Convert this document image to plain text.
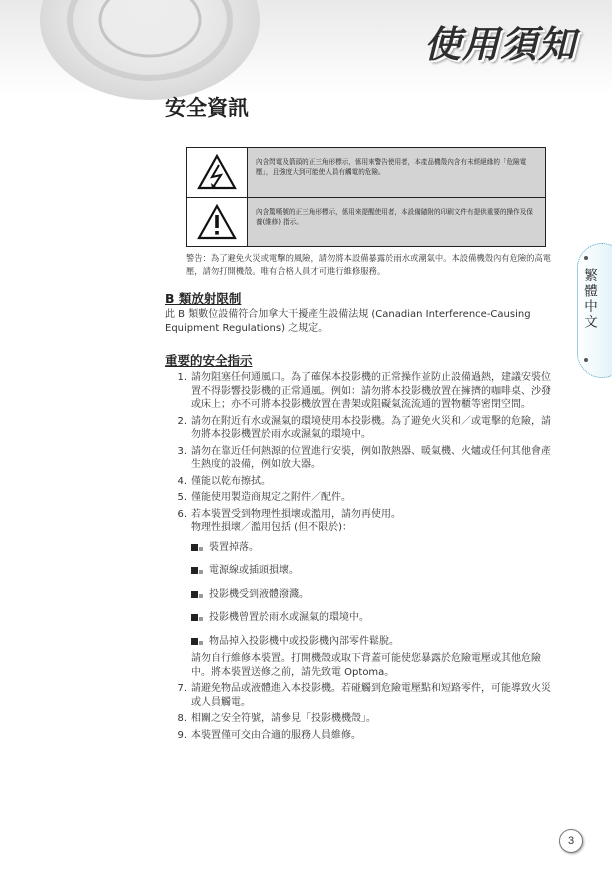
使用須知
安全資訊
內含閃電及箭頭的正三角形標示，係用來警告使用者，本產品機殼內含有未經絕緣的「危險電壓」，且強度大到可能使人員有觸電的危險。
內含驚嘆號的正三角形標示，係用來提醒使用者，本設備隨附的印刷文件有提供重要的操作及保養(維修) 指示。
警告：為了避免火災或電擊的風險，請勿將本設備暴露於雨水或潮氣中。本設備機殼內有危險的高電壓，請勿打開機殼。唯有合格人員才可進行維修服務。
B 類放射限制
此 B 類數位設備符合加拿大干擾產生設備法規 (Canadian Interference-Causing Equipment Regulations) 之規定。
重要的安全指示
1. 請勿阻塞任何通風口。為了確保本投影機的正常操作並防止設備過熱，建議安裝位置不得影響投影機的正常通風。例如：請勿將本投影機放置在擁擠的咖啡桌、沙發或床上；亦不可將本投影機放置在書架或阻礙氣流流通的置物櫃等密閉空間。
2. 請勿在附近有水或濕氣的環境使用本投影機。為了避免火災和／或電擊的危險，請勿將本投影機置於雨水或濕氣的環境中。
3. 請勿在靠近任何熱源的位置進行安裝，例如散熱器、暖氣機、火爐或任何其他會產生熱度的設備，例如放大器。
4. 僅能以乾布擦拭。
5. 僅能使用製造商規定之附件／配件。
6. 若本裝置受到物理性損壞或濫用，請勿再使用。
物理性損壞／濫用包括 (但不限於)：
裝置掉落。
電源線或插頭損壞。
投影機受到液體潑濺。
投影機曾置於雨水或濕氣的環境中。
物品掉入投影機中或投影機內部零件鬆脫。
請勿自行維修本裝置。打開機殼或取下背蓋可能使您暴露於危險電壓或其他危險中。將本裝置送修之前，請先致電 Optoma。
7. 請避免物品或液體進入本投影機。若碰觸到危險電壓點和短路零件，可能導致火災或人員觸電。
8. 相關之安全符號，請參見「投影機機殼」。
9. 本裝置僅可交由合適的服務人員維修。
繁體中文
3
